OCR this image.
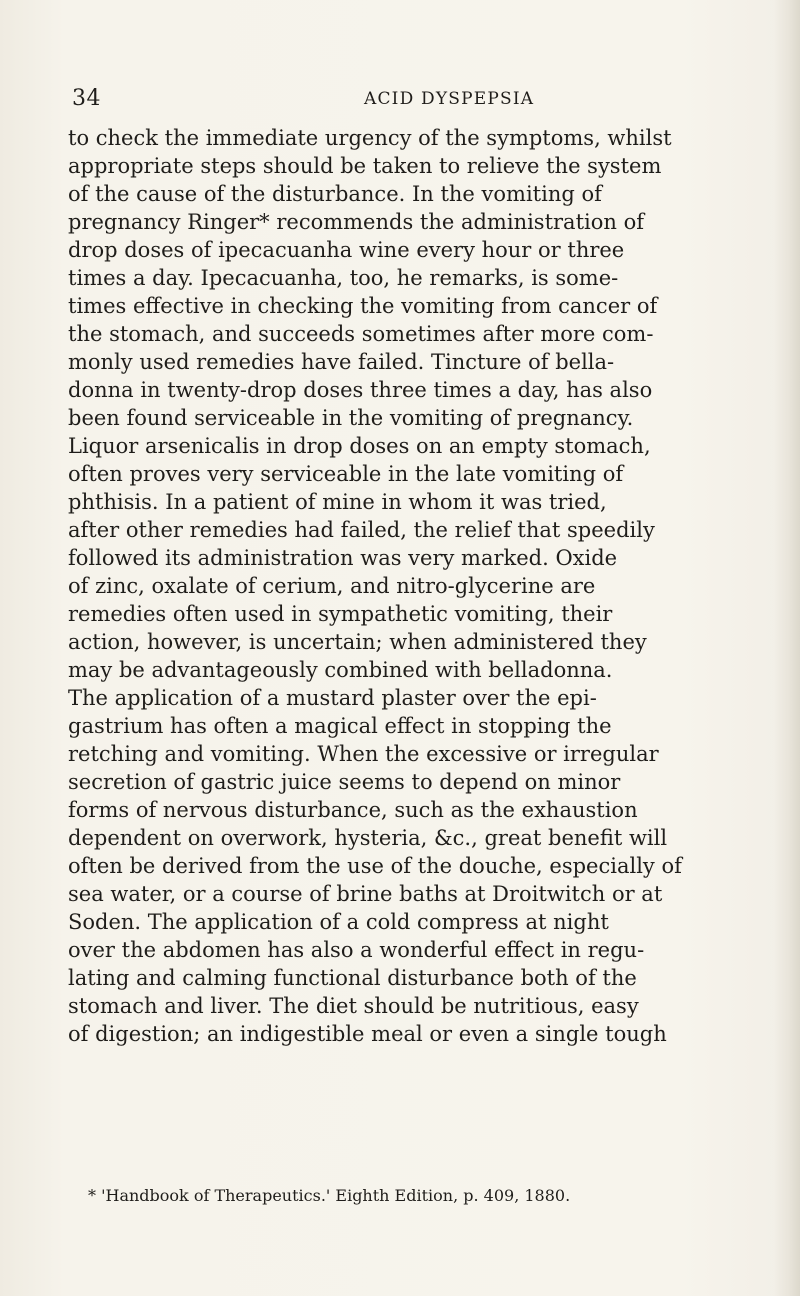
34	ACID DYSPEPSIA
to check the immediate urgency of the symptoms, whilst
appropriate steps should be taken to relieve the system
of the cause of the disturbance. In the vomiting of
pregnancy Ringer* recommends the administration of
drop doses of ipecacuanha wine every hour or three
times a day. Ipecacuanha, too, he remarks, is some-
times effective in checking the vomiting from cancer of
the stomach, and succeeds sometimes after more com-
monly used remedies have failed. Tincture of bella-
donna in twenty-drop doses three times a day, has also
been found serviceable in the vomiting of pregnancy.
Liquor arsenicalis in drop doses on an empty stomach,
often proves very serviceable in the late vomiting of
phthisis. In a patient of mine in whom it was tried,
after other remedies had failed, the relief that speedily
followed its administration was very marked. Oxide
of zinc, oxalate of cerium, and nitro-glycerine are
remedies often used in sympathetic vomiting, their
action, however, is uncertain; when administered they
may be advantageously combined with belladonna.
The application of a mustard plaster over the epi-
gastrium has often a magical effect in stopping the
retching and vomiting. When the excessive or irregular
secretion of gastric juice seems to depend on minor
forms of nervous disturbance, such as the exhaustion
dependent on overwork, hysteria, &c., great benefit will
often be derived from the use of the douche, especially of
sea water, or a course of brine baths at Droitwitch or at
Soden. The application of a cold compress at night
over the abdomen has also a wonderful effect in regu-
lating and calming functional disturbance both of the
stomach and liver. The diet should be nutritious, easy
of digestion; an indigestible meal or even a single tough
* 'Handbook of Therapeutics.' Eighth Edition, p. 409, 1880.
